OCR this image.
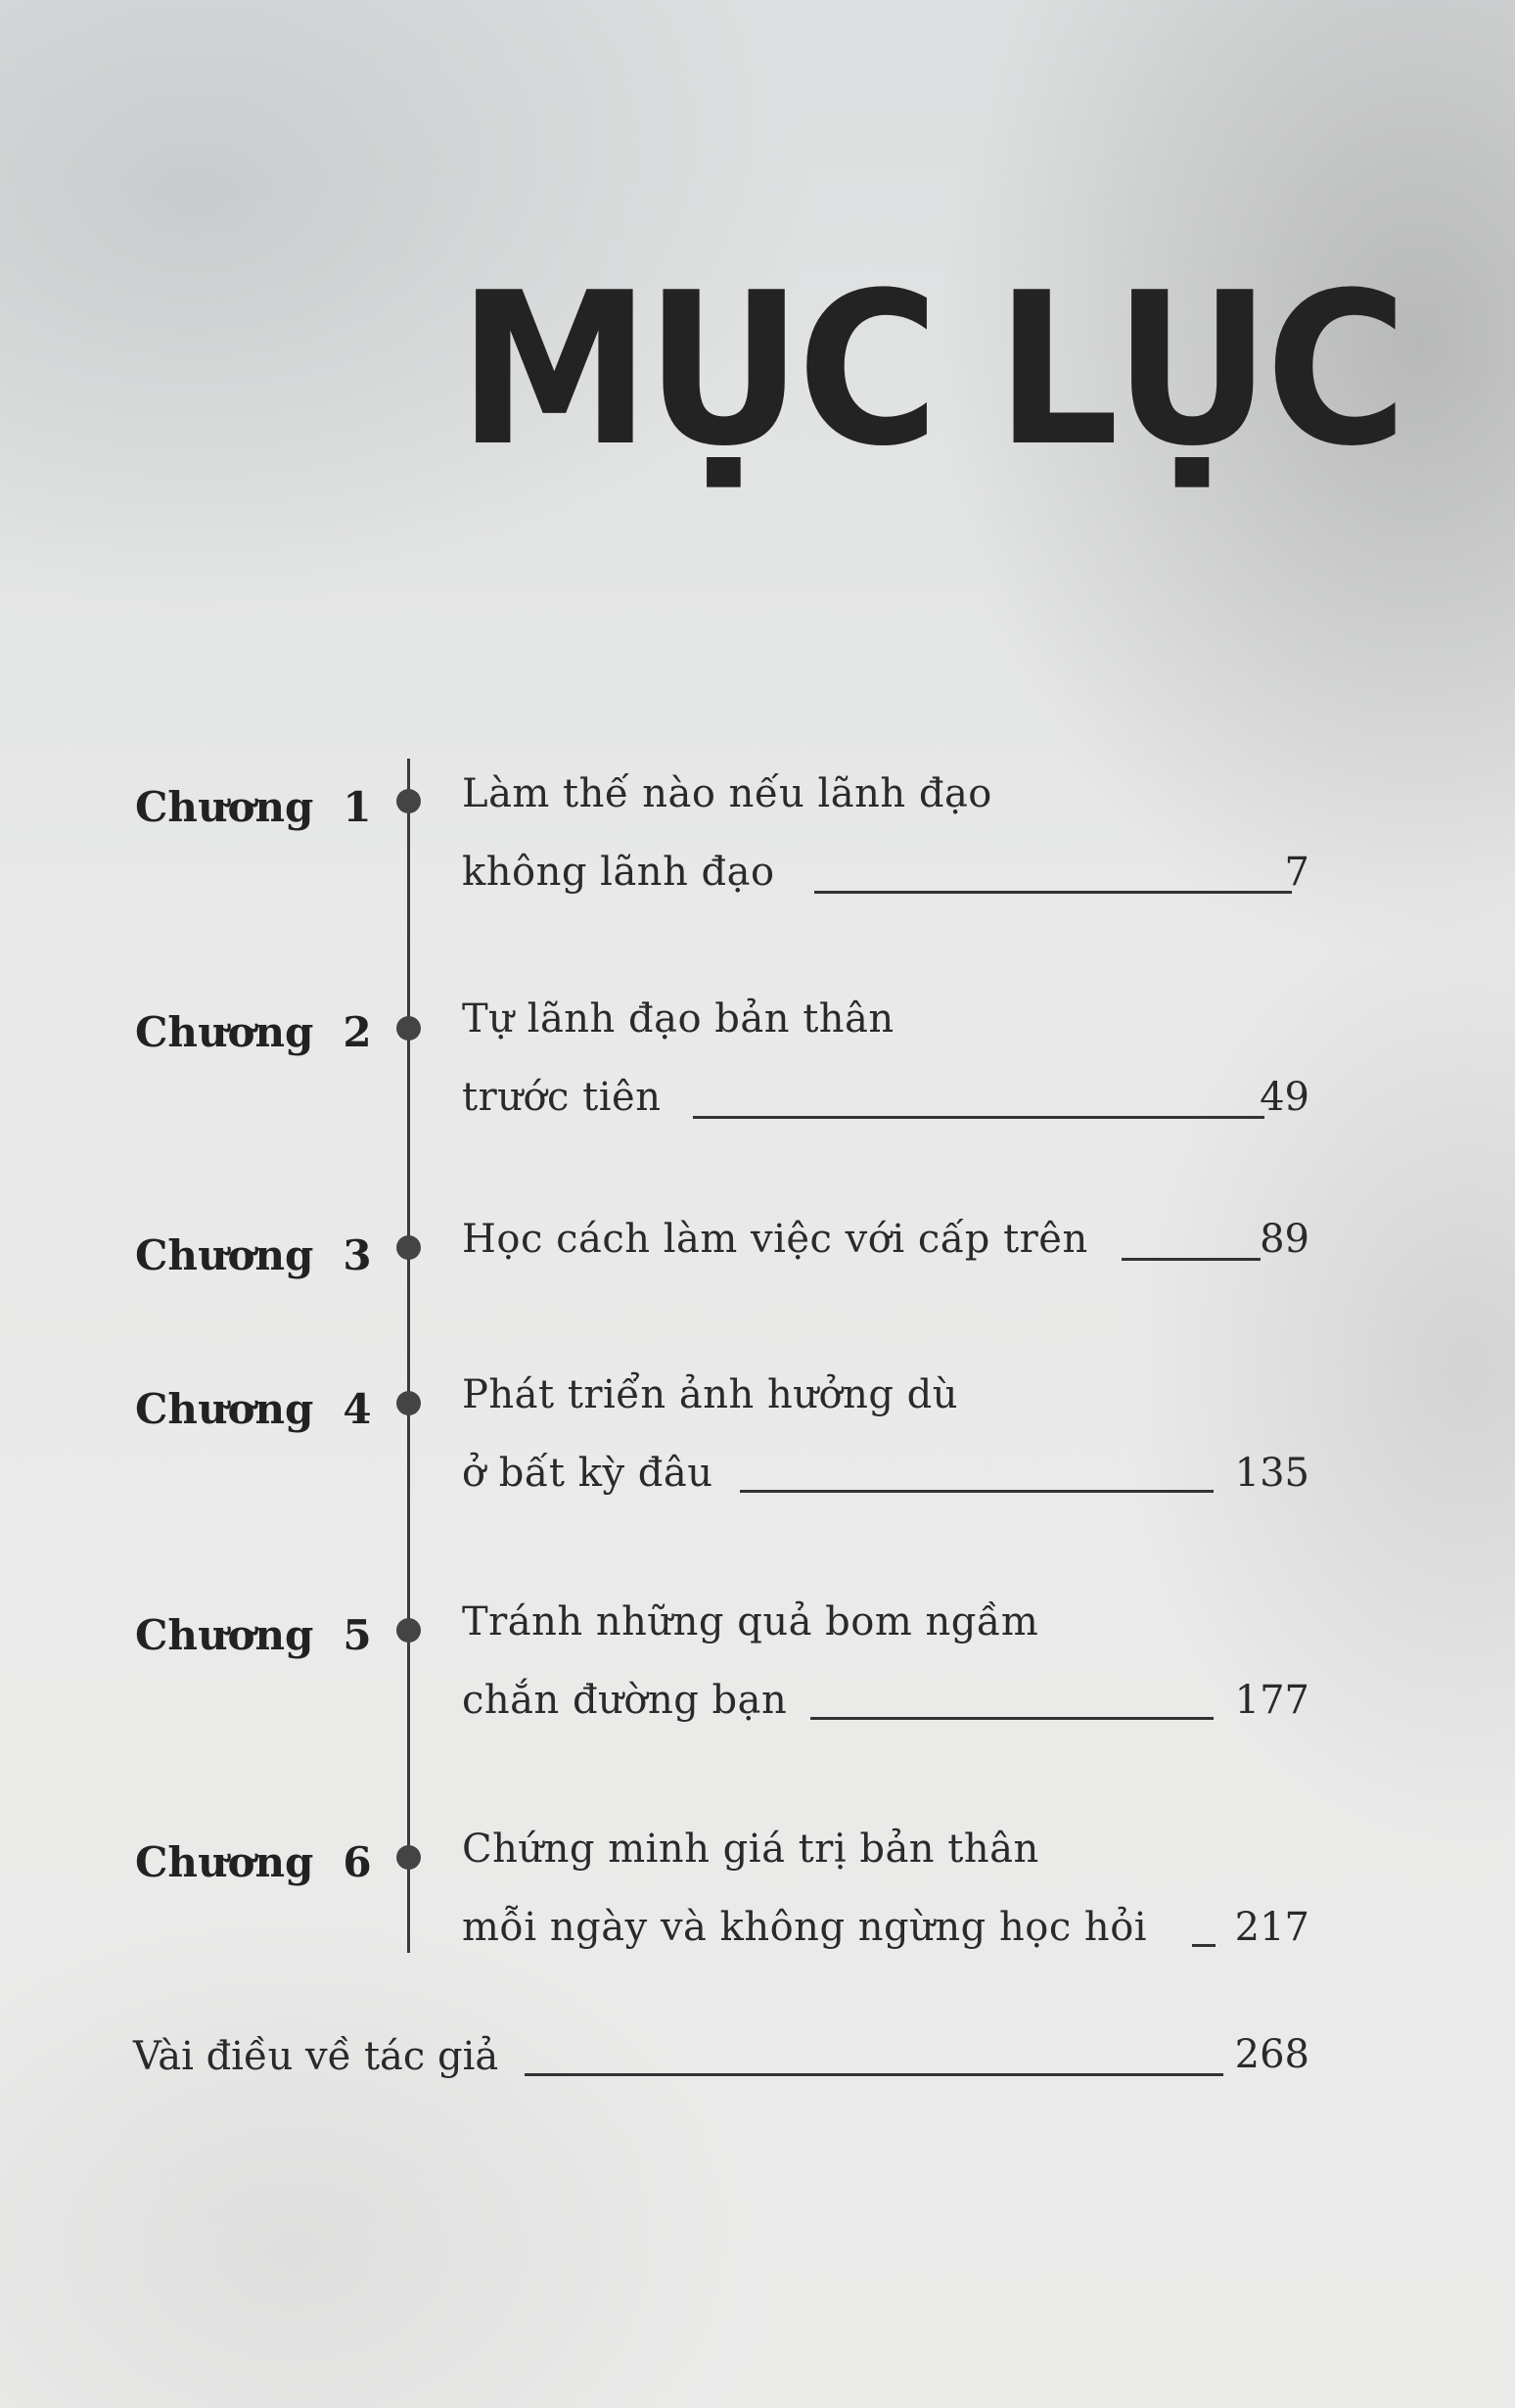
MỤC LỤC
Chương 1 Làm thế nào nếu lãnh đạo
không lãnh đạo	7
Chương 2 Tự lãnh đạo bản thân
trước tiên	49
Chương 3 Học cách làm việc với cấp trên	89
Chương 4 Phát triển ảnh hưởng dù
ở bất kỳ đâu	135
Chương 5 Tránh những quả bom ngầm
chắn đường bạn	177
Chương 6 Chứng minh giá trị bản thân
mỗi ngày và không ngừng học hỏi 217
Vài điều về tác giả	268
